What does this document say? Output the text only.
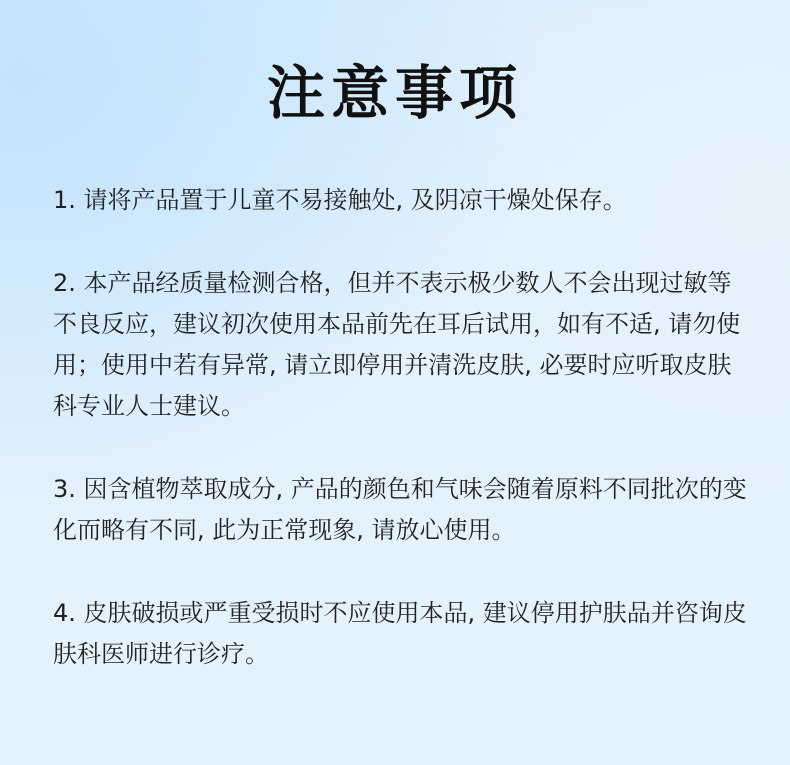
注意事项
1. 请将产品置于儿童不易接触处, 及阴凉干燥处保存。
2. 本产品经质量检测合格，但并不表示极少数人不会出现过敏等不良反应，建议初次使用本品前先在耳后试用，如有不适, 请勿使用；使用中若有异常, 请立即停用并清洗皮肤, 必要时应听取皮肤科专业人士建议。
3. 因含植物萃取成分, 产品的颜色和气味会随着原料不同批次的变化而略有不同, 此为正常现象, 请放心使用。
4. 皮肤破损或严重受损时不应使用本品, 建议停用护肤品并咨询皮肤科医师进行诊疗。
